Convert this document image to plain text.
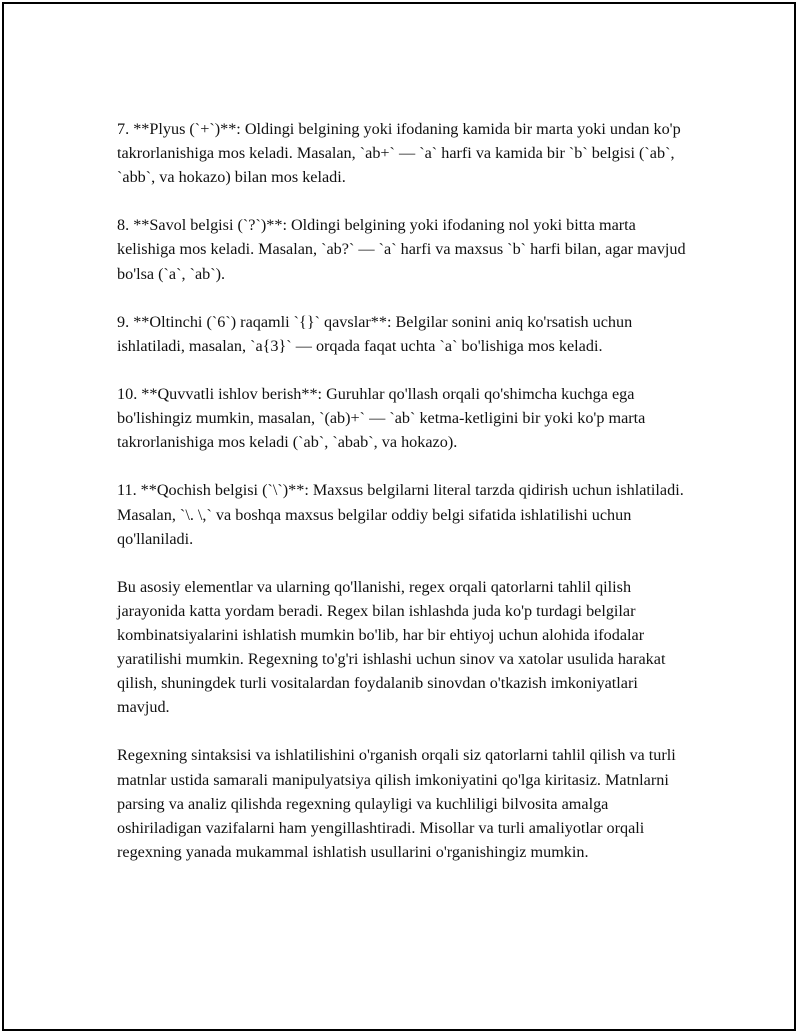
7. **Plyus (`+`)**: Oldingi belgining yoki ifodaning kamida bir marta yoki undan ko'p takrorlanishiga mos keladi. Masalan, `ab+` — `a` harfi va kamida bir `b` belgisi (`ab`, `abb`, va hokazo) bilan mos keladi.

8. **Savol belgisi (`?`)**: Oldingi belgining yoki ifodaning nol yoki bitta marta kelishiga mos keladi. Masalan, `ab?` — `a` harfi va maxsus `b` harfi bilan, agar mavjud bo'lsa (`a`, `ab`).

9. **Oltinchi (`6`) raqamli `{}` qavslar**: Belgilar sonini aniq ko'rsatish uchun ishlatiladi, masalan, `a{3}` — orqada faqat uchta `a` bo'lishiga mos keladi.

10. **Quvvatli ishlov berish**: Guruhlar qo'llash orqali qo'shimcha kuchga ega bo'lishingiz mumkin, masalan, `(ab)+` — `ab` ketma-ketligini bir yoki ko'p marta takrorlanishiga mos keladi (`ab`, `abab`, va hokazo).

11. **Qochish belgisi (`\`)**: Maxsus belgilarni literal tarzda qidirish uchun ishlatiladi. Masalan, `\. \,` va boshqa maxsus belgilar oddiy belgi sifatida ishlatilishi uchun qo'llaniladi.

Bu asosiy elementlar va ularning qo'llanishi, regex orqali qatorlarni tahlil qilish jarayonida katta yordam beradi. Regex bilan ishlashda juda ko'p turdagi belgilar kombinatsiyalarini ishlatish mumkin bo'lib, har bir ehtiyoj uchun alohida ifodalar yaratilishi mumkin. Regexning to'g'ri ishlashi uchun sinov va xatolar usulida harakat qilish, shuningdek turli vositalardan foydalanib sinovdan o'tkazish imkoniyatlari mavjud.

Regexning sintaksisi va ishlatilishini o'rganish orqali siz qatorlarni tahlil qilish va turli matnlar ustida samarali manipulyatsiya qilish imkoniyatini qo'lga kiritasiz. Matnlarni parsing va analiz qilishda regexning qulayligi va kuchliligi bilvosita amalga oshiriladigan vazifalarni ham yengillashtiradi. Misollar va turli amaliyotlar orqali regexning yanada mukammal ishlatish usullarini o'rganishingiz mumkin.
